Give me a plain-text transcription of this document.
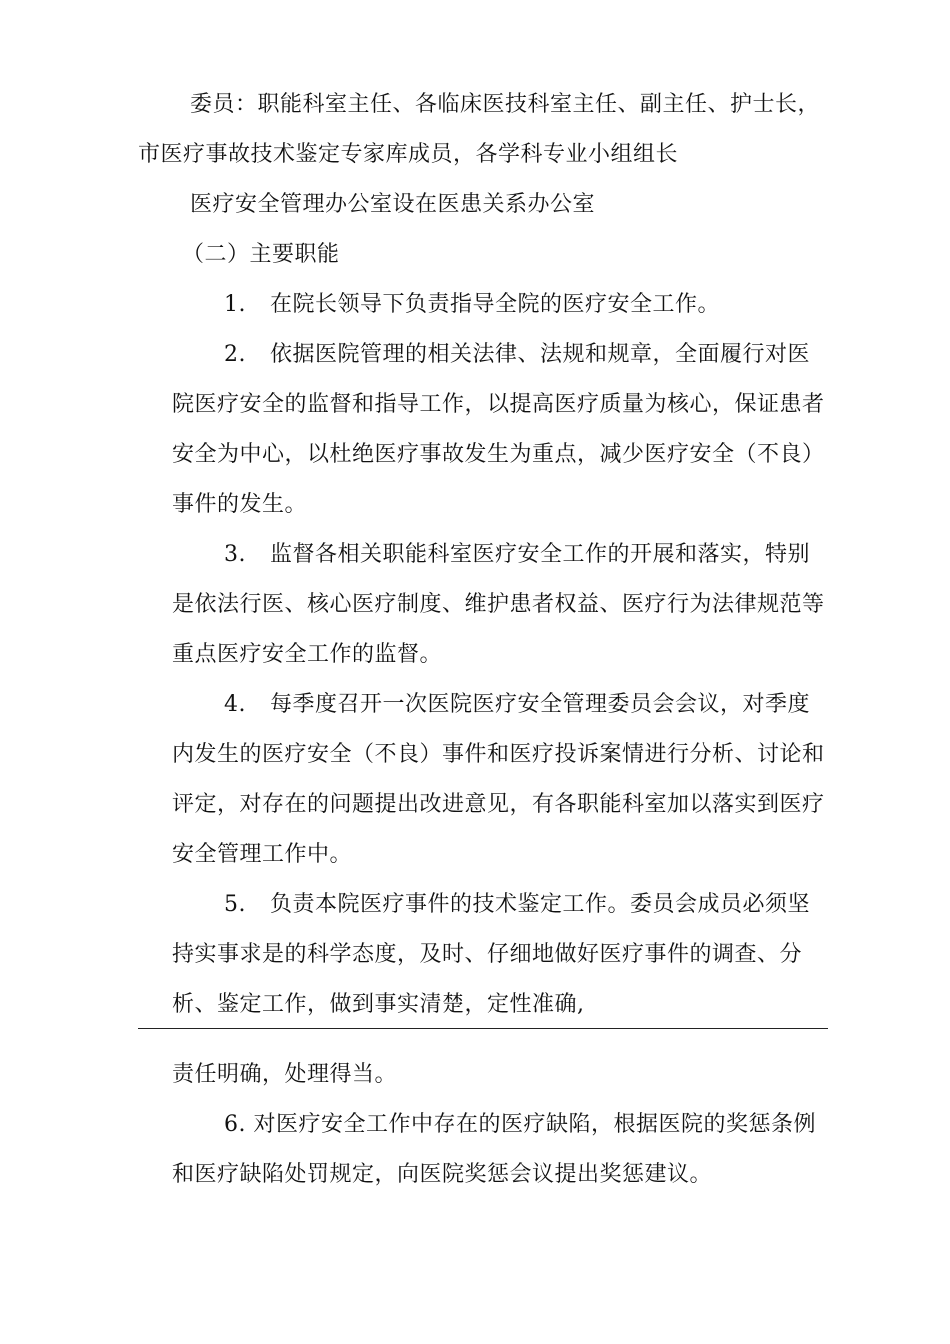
委员：职能科室主任、各临床医技科室主任、副主任、护士长，
市医疗事故技术鉴定专家库成员，各学科专业小组组长
医疗安全管理办公室设在医患关系办公室
（二）主要职能
1. 在院长领导下负责指导全院的医疗安全工作。
2. 依据医院管理的相关法律、法规和规章，全面履行对医
院医疗安全的监督和指导工作，以提高医疗质量为核心，保证患者
安全为中心，以杜绝医疗事故发生为重点，减少医疗安全（不良）
事件的发生。
3. 监督各相关职能科室医疗安全工作的开展和落实，特别
是依法行医、核心医疗制度、维护患者权益、医疗行为法律规范等
重点医疗安全工作的监督。
4. 每季度召开一次医院医疗安全管理委员会会议，对季度
内发生的医疗安全（不良）事件和医疗投诉案情进行分析、讨论和
评定，对存在的问题提出改进意见，有各职能科室加以落实到医疗
安全管理工作中。
5. 负责本院医疗事件的技术鉴定工作。委员会成员必须坚
持实事求是的科学态度，及时、仔细地做好医疗事件的调查、分
析、鉴定工作，做到事实清楚，定性准确,
责任明确，处理得当。
6. 对医疗安全工作中存在的医疗缺陷，根据医院的奖惩条例
和医疗缺陷处罚规定，向医院奖惩会议提出奖惩建议。
